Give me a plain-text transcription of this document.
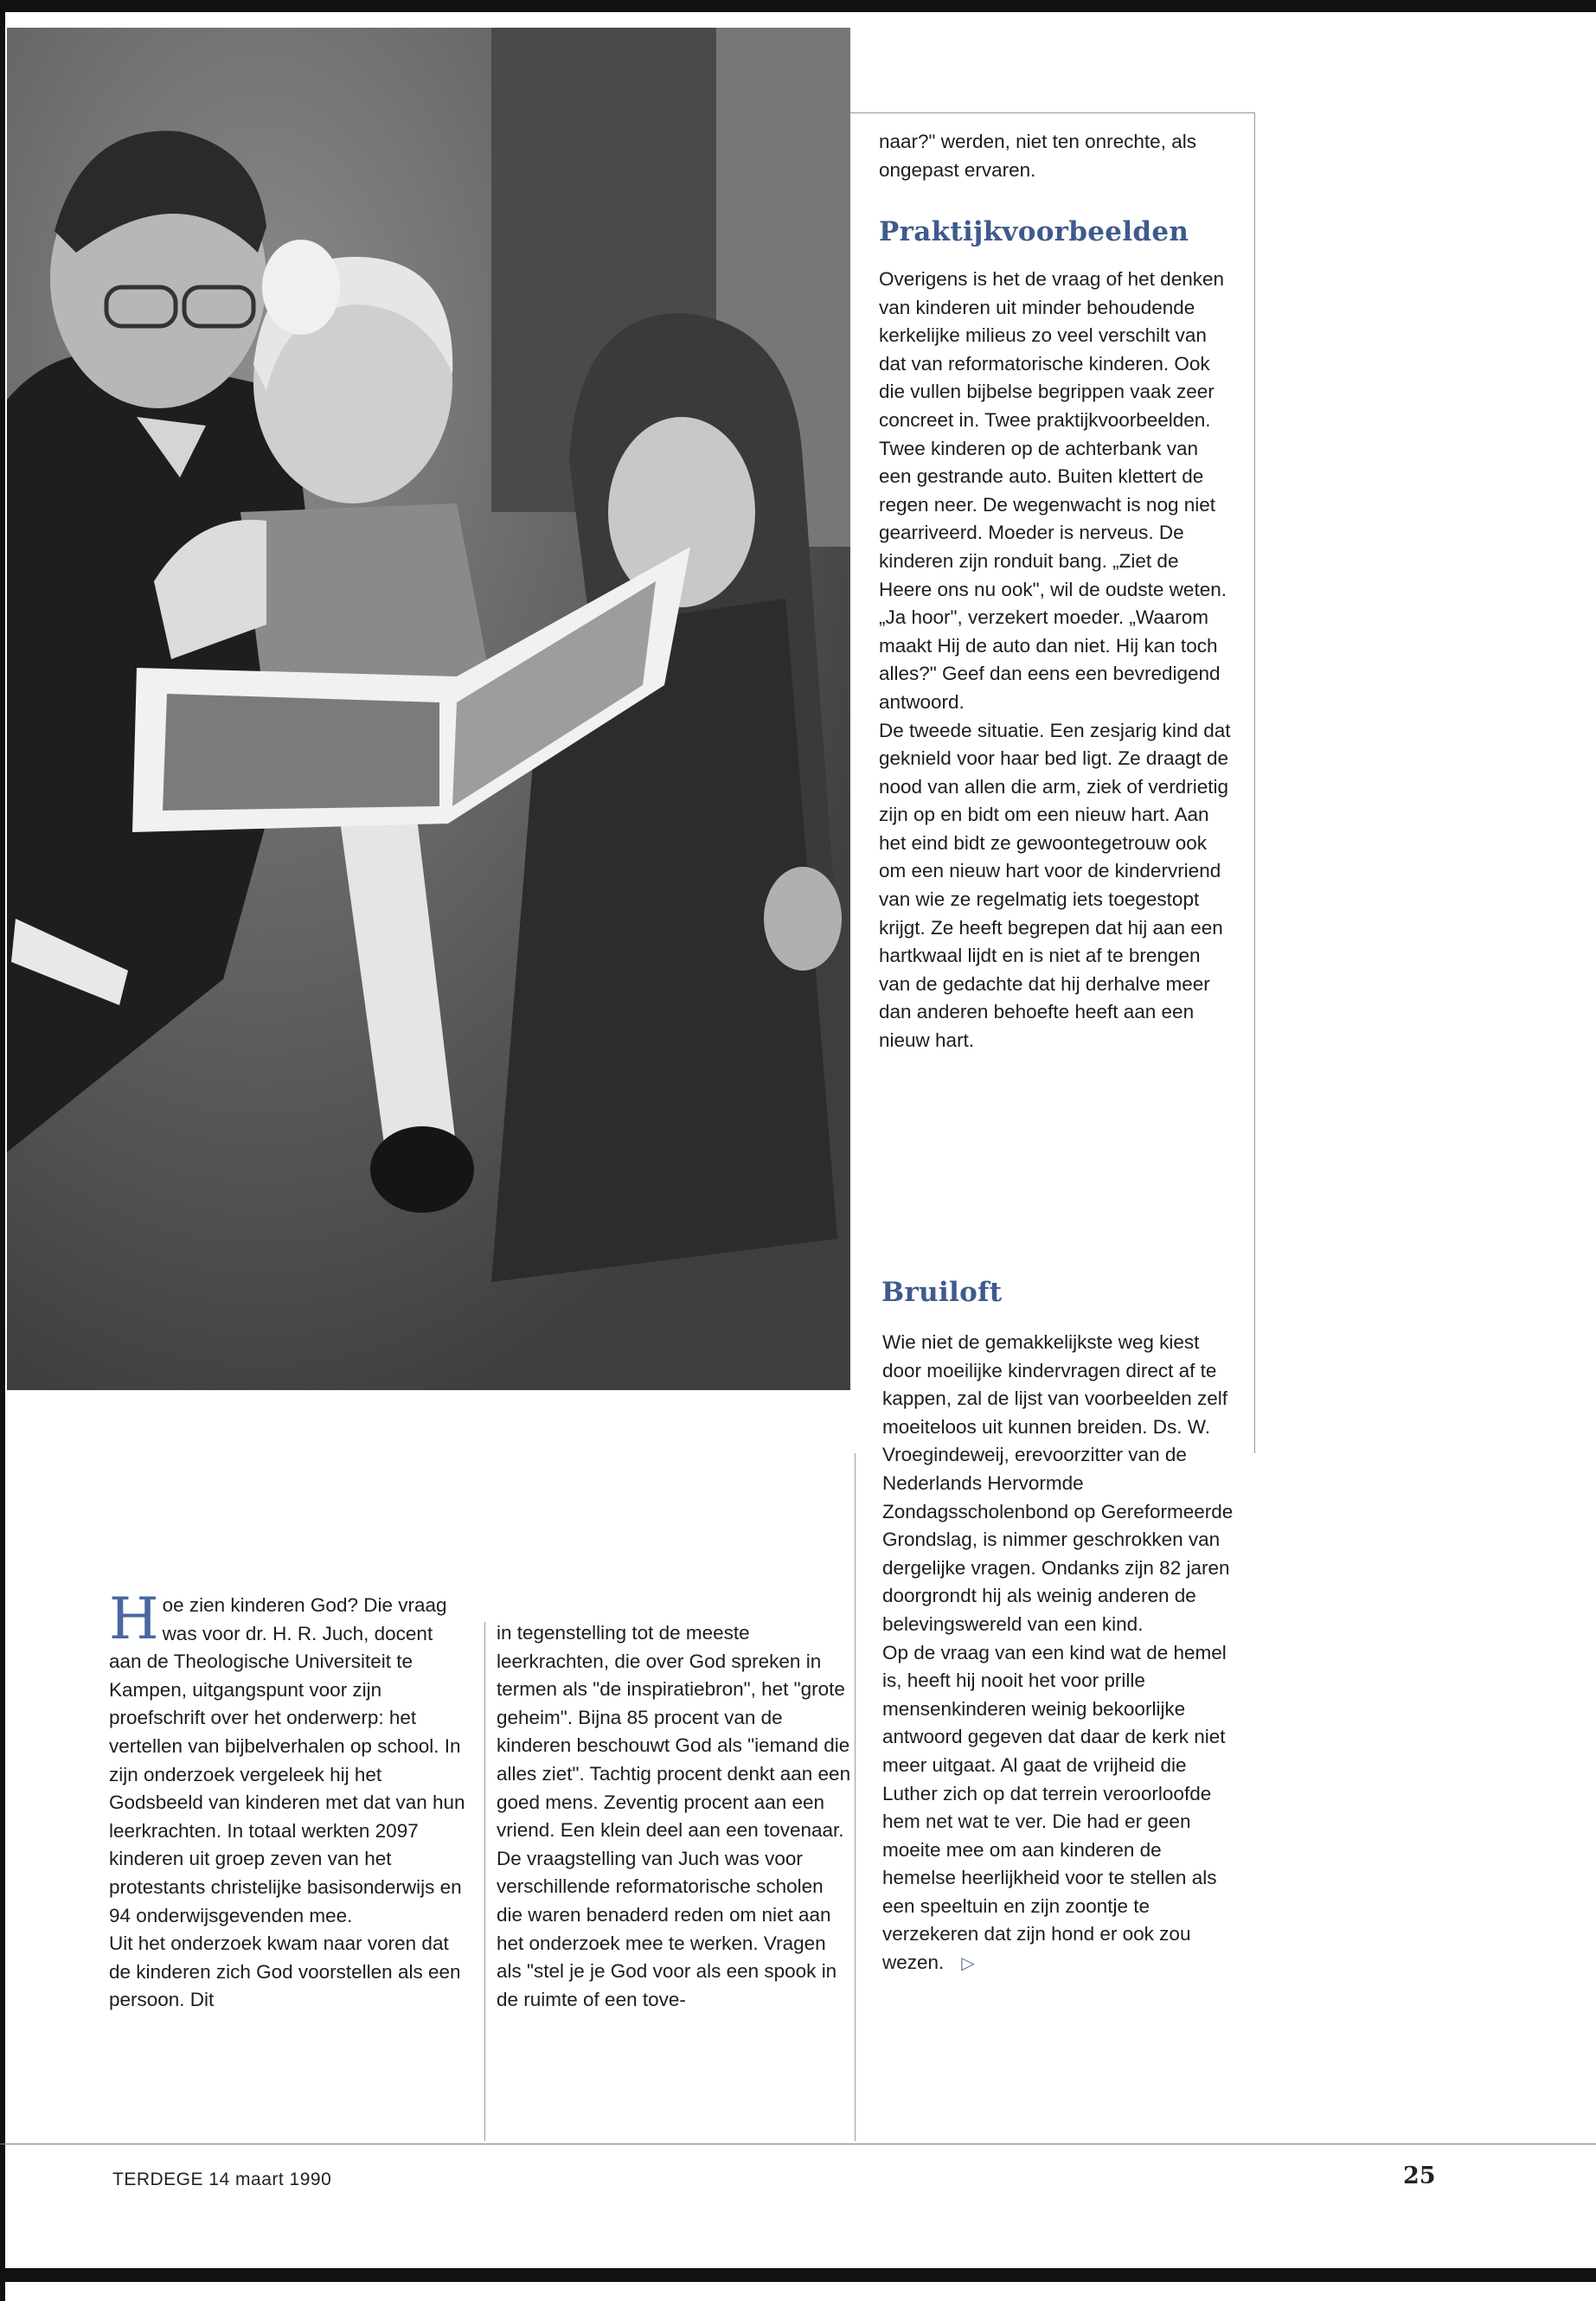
Hoe zien kinderen God? Die vraag was voor dr. H. R. Juch, docent aan de Theologische Universiteit te Kampen, uitgangspunt voor zijn proefschrift over het onderwerp: het vertellen van bijbelverhalen op school. In zijn onderzoek vergeleek hij het Godsbeeld van kinderen met dat van hun leerkrachten. In totaal werkten 2097 kinderen uit groep zeven van het protestants christelijke basisonderwijs en 94 onderwijsgevenden mee.

Uit het onderzoek kwam naar voren dat de kinderen zich God voorstellen als een persoon. Dit

in tegenstelling tot de meeste leerkrachten, die over God spreken in termen als "de inspiratiebron", het "grote geheim". Bijna 85 procent van de kinderen beschouwt God als "iemand die alles ziet". Tachtig procent denkt aan een goed mens. Zeventig procent aan een vriend. Een klein deel aan een tovenaar.

De vraagstelling van Juch was voor verschillende reformatorische scholen die waren benaderd reden om niet aan het onderzoek mee te werken. Vragen als "stel je je God voor als een spook in de ruimte of een tove-

naar?" werden, niet ten onrechte, als ongepast ervaren.

Praktijkvoorbeelden

Overigens is het de vraag of het denken van kinderen uit minder behoudende kerkelijke milieus zo veel verschilt van dat van reformatorische kinderen. Ook die vullen bijbelse begrippen vaak zeer concreet in. Twee praktijkvoorbeelden. Twee kinderen op de achterbank van een gestrande auto. Buiten klettert de regen neer. De wegenwacht is nog niet gearriveerd. Moeder is nerveus. De kinderen zijn ronduit bang. „Ziet de Heere ons nu ook", wil de oudste weten. „Ja hoor", verzekert moeder. „Waarom maakt Hij de auto dan niet. Hij kan toch alles?" Geef dan eens een bevredigend antwoord.

De tweede situatie. Een zesjarig kind dat geknield voor haar bed ligt. Ze draagt de nood van allen die arm, ziek of verdrietig zijn op en bidt om een nieuw hart. Aan het eind bidt ze gewoontegetrouw ook om een nieuw hart voor de kindervriend van wie ze regelmatig iets toegestopt krijgt. Ze heeft begrepen dat hij aan een hartkwaal lijdt en is niet af te brengen van de gedachte dat hij derhalve meer dan anderen behoefte heeft aan een nieuw hart.

Bruiloft

Wie niet de gemakkelijkste weg kiest door moeilijke kindervragen direct af te kappen, zal de lijst van voorbeelden zelf moeiteloos uit kunnen breiden. Ds. W. Vroegindeweij, erevoorzitter van de Nederlands Hervormde Zondagsscholenbond op Gereformeerde Grondslag, is nimmer geschrokken van dergelijke vragen. Ondanks zijn 82 jaren doorgrondt hij als weinig anderen de belevingswereld van een kind.

Op de vraag van een kind wat de hemel is, heeft hij nooit het voor prille mensenkinderen weinig bekoorlijke antwoord gegeven dat daar de kerk niet meer uitgaat. Al gaat de vrijheid die Luther zich op dat terrein veroorloofde hem net wat te ver. Die had er geen moeite mee om aan kinderen de hemelse heerlijkheid voor te stellen als een speeltuin en zijn zoontje te verzekeren dat zijn hond er ook zou wezen. ▷

TERDEGE 14 maart 1990	25
